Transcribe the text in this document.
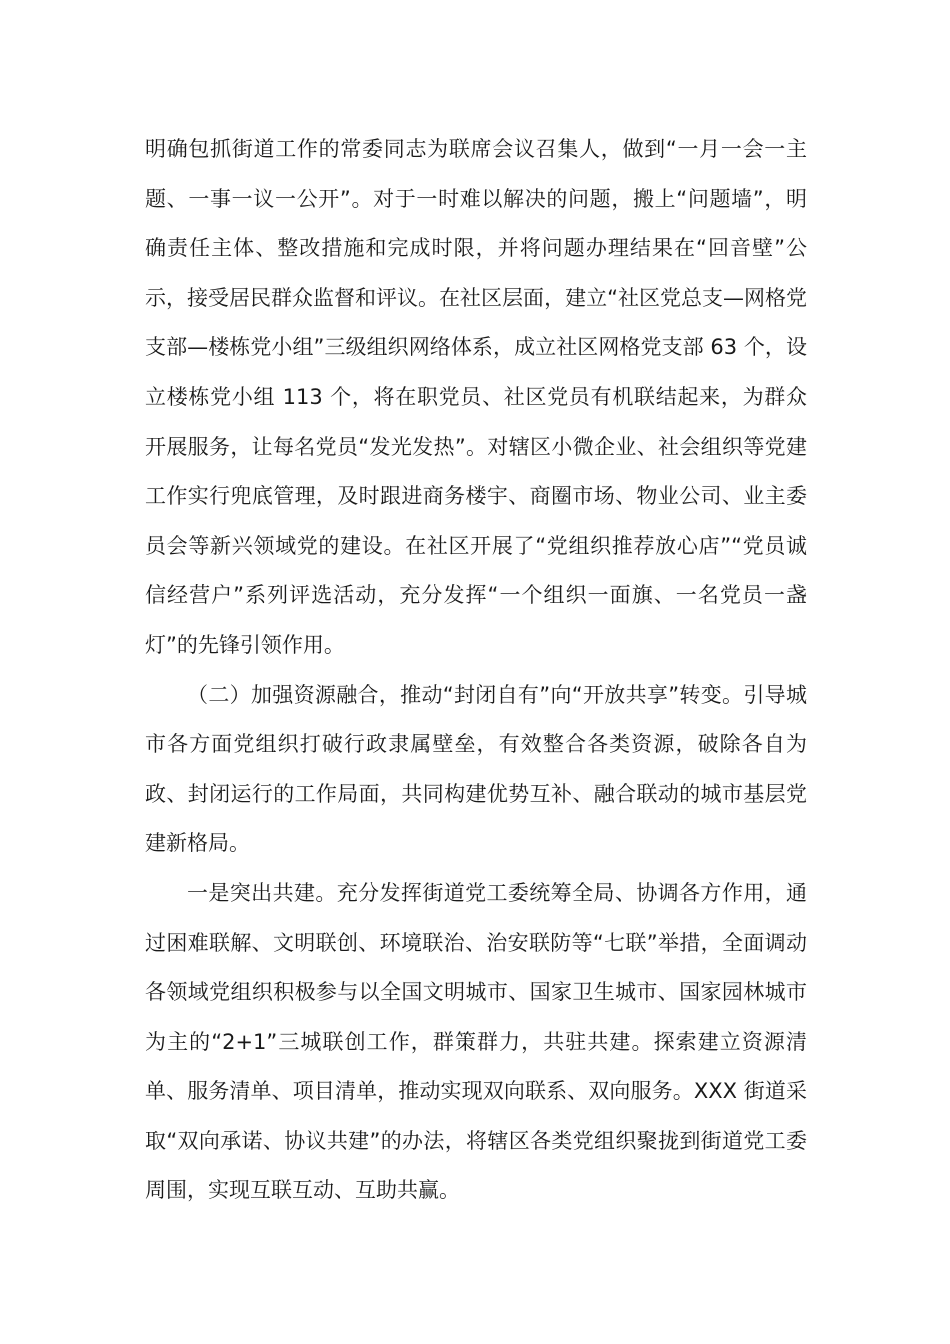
明确包抓街道工作的常委同志为联席会议召集人，做到“一月一会一主题、一事一议一公开”。对于一时难以解决的问题，搬上“问题墙”，明确责任主体、整改措施和完成时限，并将问题办理结果在“回音壁”公示，接受居民群众监督和评议。在社区层面，建立“社区党总支—网格党支部—楼栋党小组”三级组织网络体系，成立社区网格党支部 63 个，设立楼栋党小组 113 个，将在职党员、社区党员有机联结起来，为群众开展服务，让每名党员“发光发热”。对辖区小微企业、社会组织等党建工作实行兜底管理，及时跟进商务楼宇、商圈市场、物业公司、业主委员会等新兴领域党的建设。在社区开展了“党组织推荐放心店”“党员诚信经营户”系列评选活动，充分发挥“一个组织一面旗、一名党员一盏灯”的先锋引领作用。

（二）加强资源融合，推动“封闭自有”向“开放共享”转变。引导城市各方面党组织打破行政隶属壁垒，有效整合各类资源，破除各自为政、封闭运行的工作局面，共同构建优势互补、融合联动的城市基层党建新格局。

一是突出共建。充分发挥街道党工委统筹全局、协调各方作用，通过困难联解、文明联创、环境联治、治安联防等“七联”举措，全面调动各领域党组织积极参与以全国文明城市、国家卫生城市、国家园林城市为主的“2+1”三城联创工作，群策群力，共驻共建。探索建立资源清单、服务清单、项目清单，推动实现双向联系、双向服务。XXX 街道采取“双向承诺、协议共建”的办法，将辖区各类党组织聚拢到街道党工委周围，实现互联互动、互助共赢。
